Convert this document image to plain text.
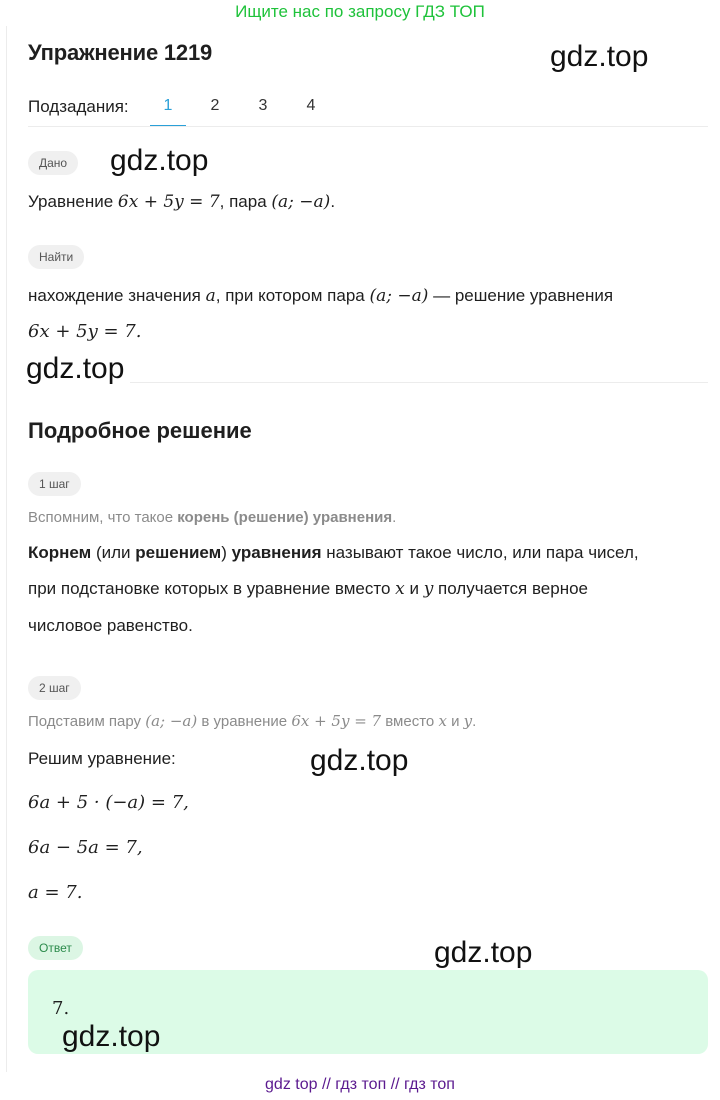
Ищите нас по запросу ГДЗ ТОП
Упражнение 1219
Подзадания:	1	2	3	4
Дано
Уравнение 6x + 5y = 7, пара (a; −a).
Найти
нахождение значения a, при котором пара (a; −a) — решение уравнения
6x + 5y = 7.
Подробное решение
1 шаг
Вспомним, что такое корень (решение) уравнения.
Корнем (или решением) уравнения называют такое число, или пара чисел,
при подстановке которых в уравнение вместо x и y получается верное
числовое равенство.
2 шаг
Подставим пару (a; −a) в уравнение 6x + 5y = 7 вместо x и y.
Решим уравнение:
6a + 5 · (−a) = 7,
6a − 5a = 7,
a = 7.
Ответ
7.
gdz.top
gdz.top
gdz.top
gdz.top
gdz.top
gdz.top
gdz top // гдз топ // гдз топ
